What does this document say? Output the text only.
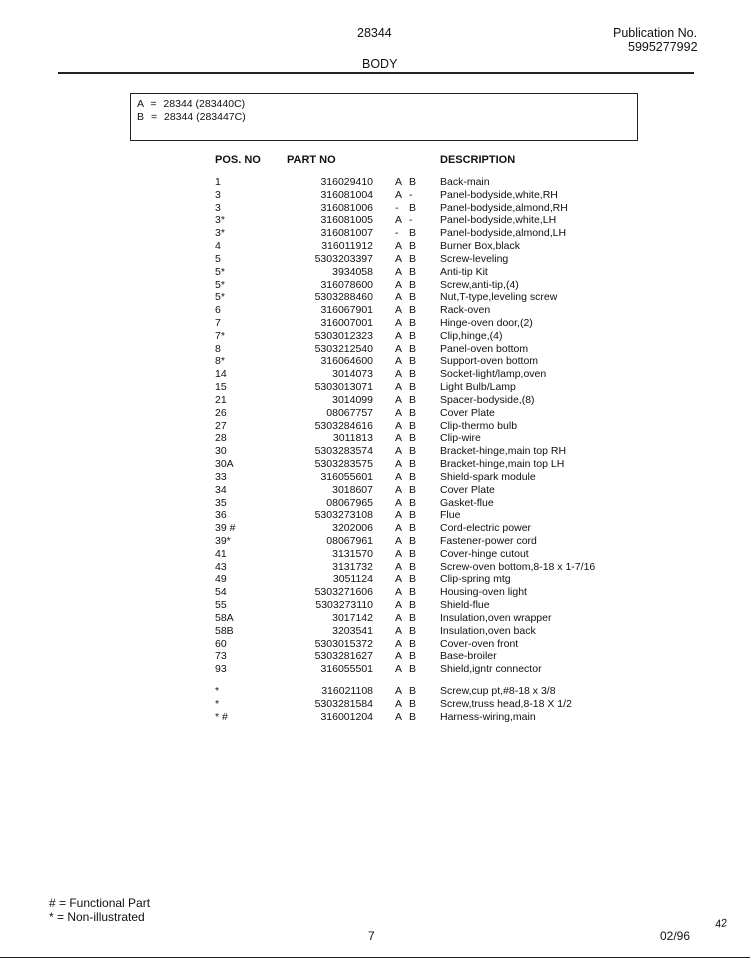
28344	Publication No.
5995277992
BODY
A = 28344 (283440C)
B = 28344 (283447C)
POS. NO PART NO	DESCRIPTION
1	316029410 A B Back-main
3	316081004 A -	Panel-bodyside,white,RH
3	316081006 - B Panel-bodyside,almond,RH
3*	316081005 A -	Panel-bodyside,white,LH
3*	316081007 - B Panel-bodyside,almond,LH
4	316011912 A B Burner Box,black
5	5303203397 A B Screw-leveling
5*	3934058 A B Anti-tip Kit
5*	316078600 A B Screw,anti-tip,(4)
5*	5303288460 A B Nut,T-type,leveling screw
6	316067901 A B Rack-oven
7	316007001 A B Hinge-oven door,(2)
7*	5303012323 A B Clip,hinge,(4)
8	5303212540 A B Panel-oven bottom
8*	316064600 A B Support-oven bottom
14	3014073 A B Socket-light/lamp,oven
15	5303013071 A B Light Bulb/Lamp
21	3014099 A B Spacer-bodyside,(8)
26	08067757 A B Cover Plate
27	5303284616 A B Clip-thermo bulb
28	3011813 A B Clip-wire
30	5303283574 A B Bracket-hinge,main top RH
30A	5303283575 A B Bracket-hinge,main top LH
33	316055601 A B Shield-spark module
34	3018607 A B Cover Plate
35	08067965 A B Gasket-flue
36	5303273108 A B Flue
39 #	3202006 A B Cord-electric power
39*	08067961 A B Fastener-power cord
41	3131570 A B Cover-hinge cutout
43	3131732 A B Screw-oven bottom,8-18 x 1-7/16
49	3051124 A B Clip-spring mtg
54	5303271606 A B Housing-oven light
55	5303273110 A B Shield-flue
58A	3017142 A B Insulation,oven wrapper
58B	3203541 A B Insulation,oven back
60	5303015372 A B Cover-oven front
73	5303281627 A B Base-broiler
93	316055501 A B Shield,igntr connector
*	316021108 A B Screw,cup pt,#8-18 x 3/8
*	5303281584 A B Screw,truss head,8-18 X 1/2
* #	316001204 A B Harness-wiring,main
# = Functional Part
* = Non-illustrated
7	02/96
42
